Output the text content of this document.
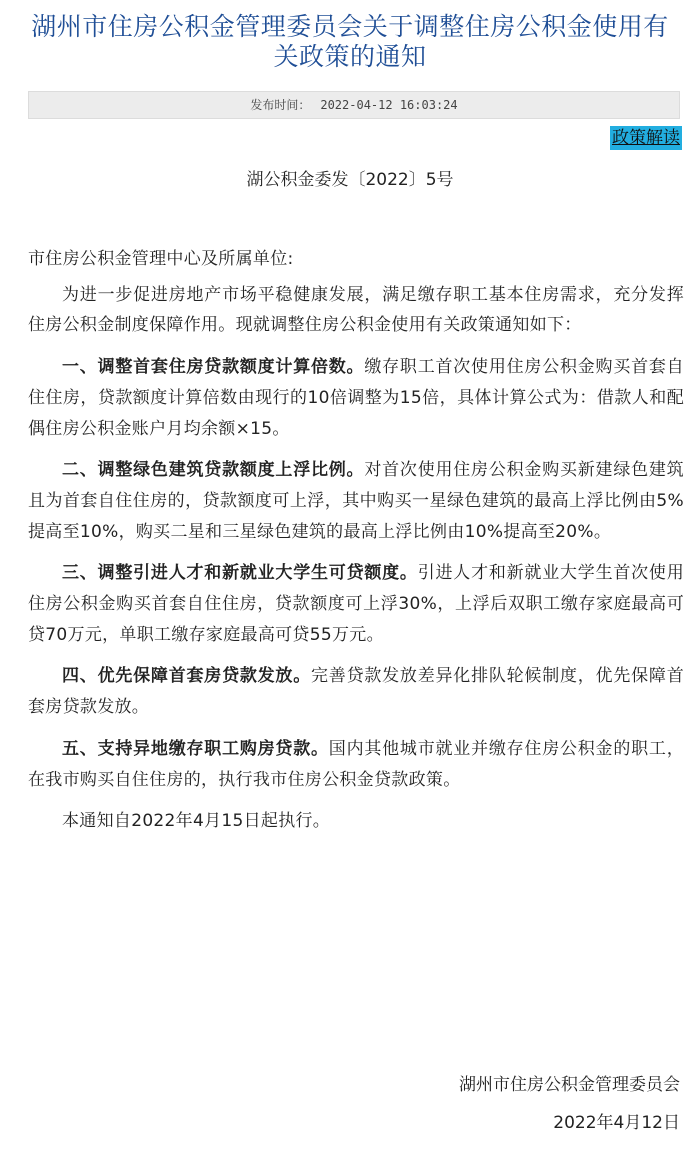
湖州市住房公积金管理委员会关于调整住房公积金使用有关政策的通知
发布时间： 2022-04-12 16:03:24
政策解读
湖公积金委发〔2022〕5号

市住房公积金管理中心及所属单位:

为进一步促进房地产市场平稳健康发展，满足缴存职工基本住房需求，充分发挥住房公积金制度保障作用。现就调整住房公积金使用有关政策通知如下：

一、调整首套住房贷款额度计算倍数。缴存职工首次使用住房公积金购买首套自住住房，贷款额度计算倍数由现行的10倍调整为15倍，具体计算公式为：借款人和配偶住房公积金账户月均余额×15。

二、调整绿色建筑贷款额度上浮比例。对首次使用住房公积金购买新建绿色建筑且为首套自住住房的，贷款额度可上浮，其中购买一星绿色建筑的最高上浮比例由5%提高至10%，购买二星和三星绿色建筑的最高上浮比例由10%提高至20%。

三、调整引进人才和新就业大学生可贷额度。引进人才和新就业大学生首次使用住房公积金购买首套自住住房，贷款额度可上浮30%，上浮后双职工缴存家庭最高可贷70万元，单职工缴存家庭最高可贷55万元。

四、优先保障首套房贷款发放。完善贷款发放差异化排队轮候制度，优先保障首套房贷款发放。

五、支持异地缴存职工购房贷款。国内其他城市就业并缴存住房公积金的职工，在我市购买自住住房的，执行我市住房公积金贷款政策。

本通知自2022年4月15日起执行。

湖州市住房公积金管理委员会
2022年4月12日
